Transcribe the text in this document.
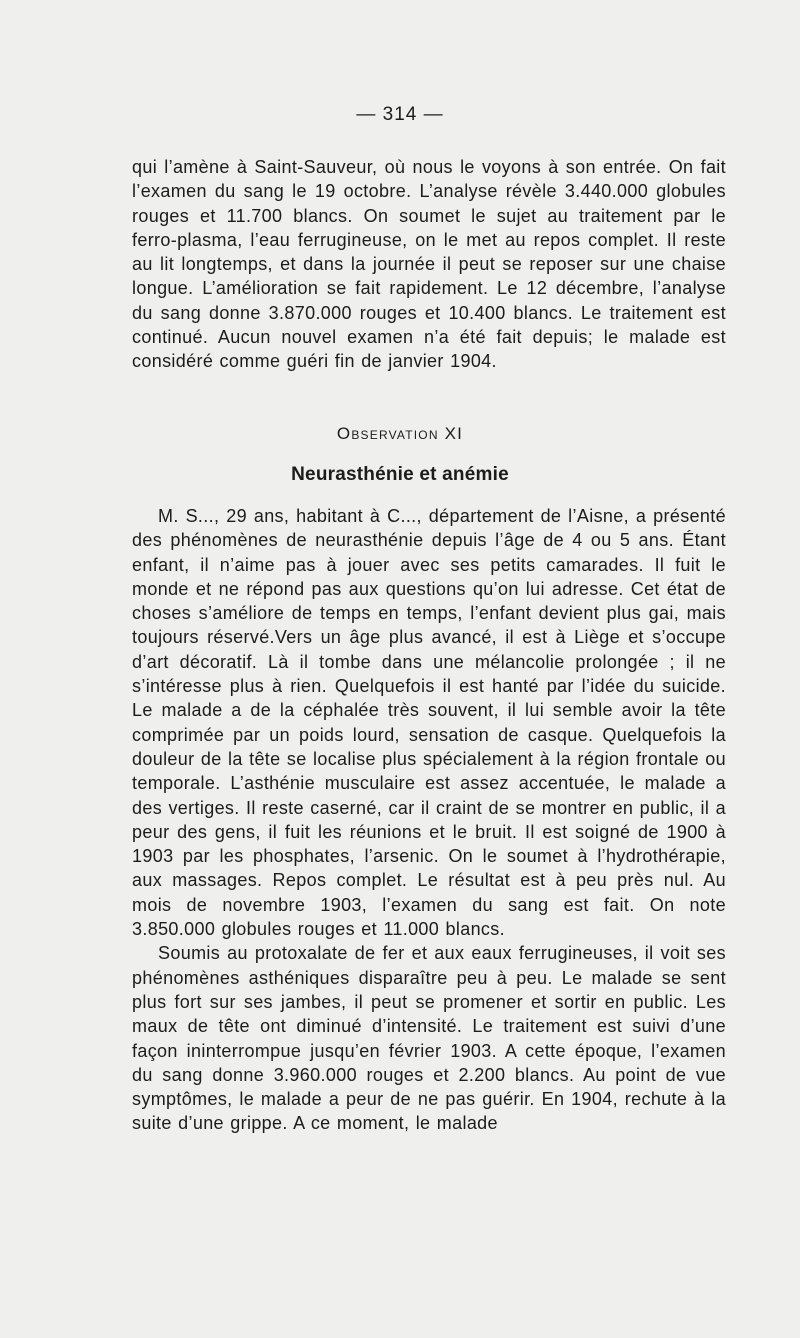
— 314 —

qui l’amène à Saint-Sauveur, où nous le voyons à son entrée. On fait l’examen du sang le 19 octobre. L’analyse révèle 3.440.000 globules rouges et 11.700 blancs. On soumet le sujet au traitement par le ferro-plasma, l’eau ferrugineuse, on le met au repos complet. Il reste au lit longtemps, et dans la journée il peut se reposer sur une chaise longue. L’amélioration se fait rapidement. Le 12 décembre, l’analyse du sang donne 3.870.000 rouges et 10.400 blancs. Le traitement est continué. Aucun nouvel examen n’a été fait depuis; le malade est considéré comme guéri fin de janvier 1904.

Observation XI
Neurasthénie et anémie

M. S..., 29 ans, habitant à C..., département de l’Aisne, a présenté des phénomènes de neurasthénie depuis l’âge de 4 ou 5 ans. Étant enfant, il n’aime pas à jouer avec ses petits camarades. Il fuit le monde et ne répond pas aux questions qu’on lui adresse. Cet état de choses s’améliore de temps en temps, l’enfant devient plus gai, mais toujours réservé.Vers un âge plus avancé, il est à Liège et s’occupe d’art décoratif. Là il tombe dans une mélancolie prolongée ; il ne s’intéresse plus à rien. Quelquefois il est hanté par l’idée du suicide. Le malade a de la céphalée très souvent, il lui semble avoir la tête comprimée par un poids lourd, sensation de casque. Quelquefois la douleur de la tête se localise plus spécialement à la région frontale ou temporale. L’asthénie musculaire est assez accentuée, le malade a des vertiges. Il reste caserné, car il craint de se montrer en public, il a peur des gens, il fuit les réunions et le bruit. Il est soigné de 1900 à 1903 par les phosphates, l’arsenic. On le soumet à l’hydrothérapie, aux massages. Repos complet. Le résultat est à peu près nul. Au mois de novembre 1903, l’examen du sang est fait. On note 3.850.000 globules rouges et 11.000 blancs.

Soumis au protoxalate de fer et aux eaux ferrugineuses, il voit ses phénomènes asthéniques disparaître peu à peu. Le malade se sent plus fort sur ses jambes, il peut se promener et sortir en public. Les maux de tête ont diminué d’intensité. Le traitement est suivi d’une façon ininterrompue jusqu’en février 1903. A cette époque, l’examen du sang donne 3.960.000 rouges et 2.200 blancs. Au point de vue symptômes, le malade a peur de ne pas guérir. En 1904, rechute à la suite d’une grippe. A ce moment, le malade
